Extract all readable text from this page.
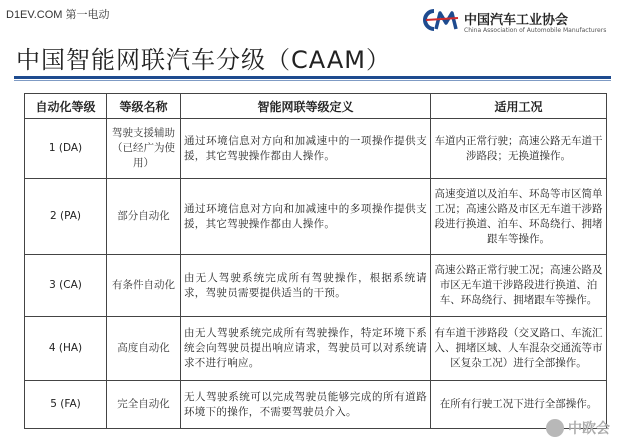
D1EV.COM 第一电动	中国汽车工业协会
China Association of Automobile Manufacturers
中国智能网联汽车分级（CAAM）
自动化等级	等级名称	智能网联等级定义	适用工况
1 (DA)	驾驶支援辅助（已经广为使用）	通过环境信息对方向和加减速中的一项操作提供支援，其它驾驶操作都由人操作。	车道内正常行驶；高速公路无车道干涉路段；无换道操作。
2 (PA)	部分自动化	通过环境信息对方向和加减速中的多项操作提供支援，其它驾驶操作都由人操作。	高速变道以及泊车、环岛等市区简单工况；高速公路及市区无车道干涉路段进行换道、泊车、环岛绕行、拥堵跟车等操作。
3 (CA)	有条件自动化	由无人驾驶系统完成所有驾驶操作，根据系统请求，驾驶员需要提供适当的干预。	高速公路正常行驶工况；高速公路及市区无车道干涉路段进行换道、泊车、环岛绕行、拥堵跟车等操作。
4 (HA)	高度自动化	由无人驾驶系统完成所有驾驶操作，特定环境下系统会向驾驶员提出响应请求，驾驶员可以对系统请求不进行响应。	有车道干涉路段（交叉路口、车流汇入、拥堵区域、人车混杂交通流等市区复杂工况）进行全部操作。
5 (FA)	完全自动化	无人驾驶系统可以完成驾驶员能够完成的所有道路环境下的操作，不需要驾驶员介入。	在所有行驶工况下进行全部操作。
中欧会
